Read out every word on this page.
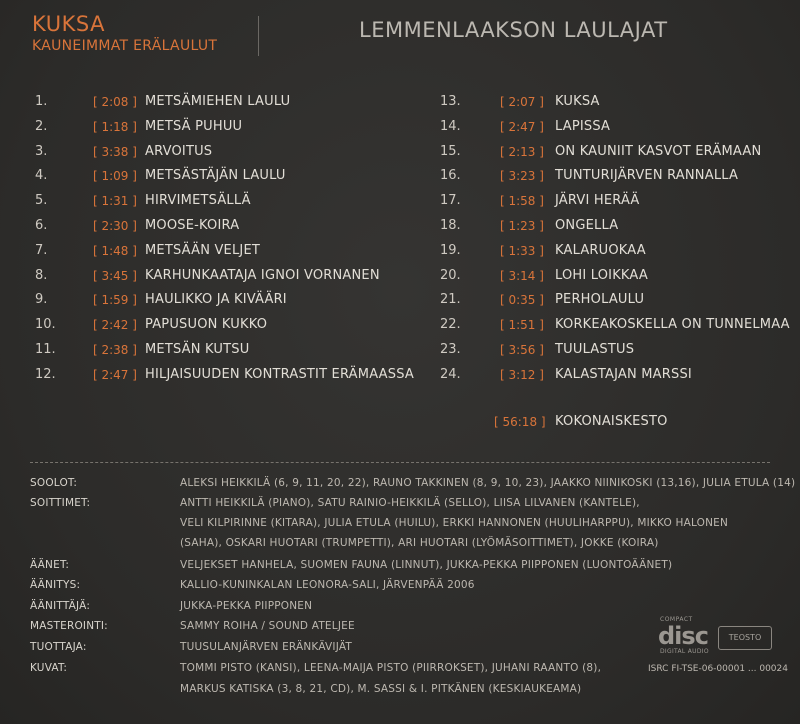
KUKSA
KAUNEIMMAT ERÄLAULUT
LEMMENLAAKSON LAULAJAT
1.	[ 2:08 ] METSÄMIEHEN LAULU
2.	[ 1:18 ] METSÄ PUHUU
3.	[ 3:38 ] ARVOITUS
4.	[ 1:09 ] METSÄSTÄJÄN LAULU
5.	[ 1:31 ] HIRVIMETSÄLLÄ
6.	[ 2:30 ] MOOSE-KOIRA
7.	[ 1:48 ] METSÄÄN VELJET
8.	[ 3:45 ] KARHUNKAATAJA IGNOI VORNANEN
9.	[ 1:59 ] HAULIKKO JA KIVÄÄRI
10.	[ 2:42 ] PAPUSUON KUKKO
11.	[ 2:38 ] METSÄN KUTSU
12.	[ 2:47 ] HILJAISUUDEN KONTRASTIT ERÄMAASSA
13.	[ 2:07 ] KUKSA
14.	[ 2:47 ] LAPISSA
15.	[ 2:13 ] ON KAUNIIT KASVOT ERÄMAAN
16.	[ 3:23 ] TUNTURIJÄRVEN RANNALLA
17.	[ 1:58 ] JÄRVI HERÄÄ
18.	[ 1:23 ] ONGELLA
19.	[ 1:33 ] KALARUOKAA
20.	[ 3:14 ] LOHI LOIKKAA
21.	[ 0:35 ] PERHOLAULU
22.	[ 1:51 ] KORKEAKOSKELLA ON TUNNELMAA
23.	[ 3:56 ] TUULASTUS
24.	[ 3:12 ] KALASTAJAN MARSSI
[ 56:18 ] KOKONAISKESTO
SOOLOT:	ALEKSI HEIKKILÄ (6, 9, 11, 20, 22), RAUNO TAKKINEN (8, 9, 10, 23), JAAKKO NIINIKOSKI (13,16), JULIA ETULA (14)
SOITTIMET:	ANTTI HEIKKILÄ (PIANO), SATU RAINIO-HEIKKILÄ (SELLO), LIISA LILVANEN (KANTELE),
VELI KILPIRINNE (KITARA), JULIA ETULA (HUILU), ERKKI HANNONEN (HUULIHARPPU), MIKKO HALONEN
(SAHA), OSKARI HUOTARI (TRUMPETTI), ARI HUOTARI (LYÖMÄSOITTIMET), JOKKE (KOIRA)
ÄÄNET:	VELJEKSET HANHELA, SUOMEN FAUNA (LINNUT), JUKKA-PEKKA PIIPPONEN (LUONTOÄÄNET)
ÄÄNITYS:	KALLIO-KUNINKALAN LEONORA-SALI, JÄRVENPÄÄ 2006
ÄÄNITTÄJÄ:	JUKKA-PEKKA PIIPPONEN
MASTEROINTI:	SAMMY ROIHA / SOUND ATELJEE
TUOTTAJA:	TUUSULANJÄRVEN ERÄNKÄVIJÄT
KUVAT:	TOMMI PISTO (KANSI), LEENA-MAIJA PISTO (PIIRROKSET), JUHANI RAANTO (8),
MARKUS KATISKA (3, 8, 21, CD), M. SASSI & I. PITKÄNEN (KESKIAUKEAMA)
COMPACT
disc
DIGITAL AUDIO
TEOSTO
ISRC FI-TSE-06-00001 ... 00024
